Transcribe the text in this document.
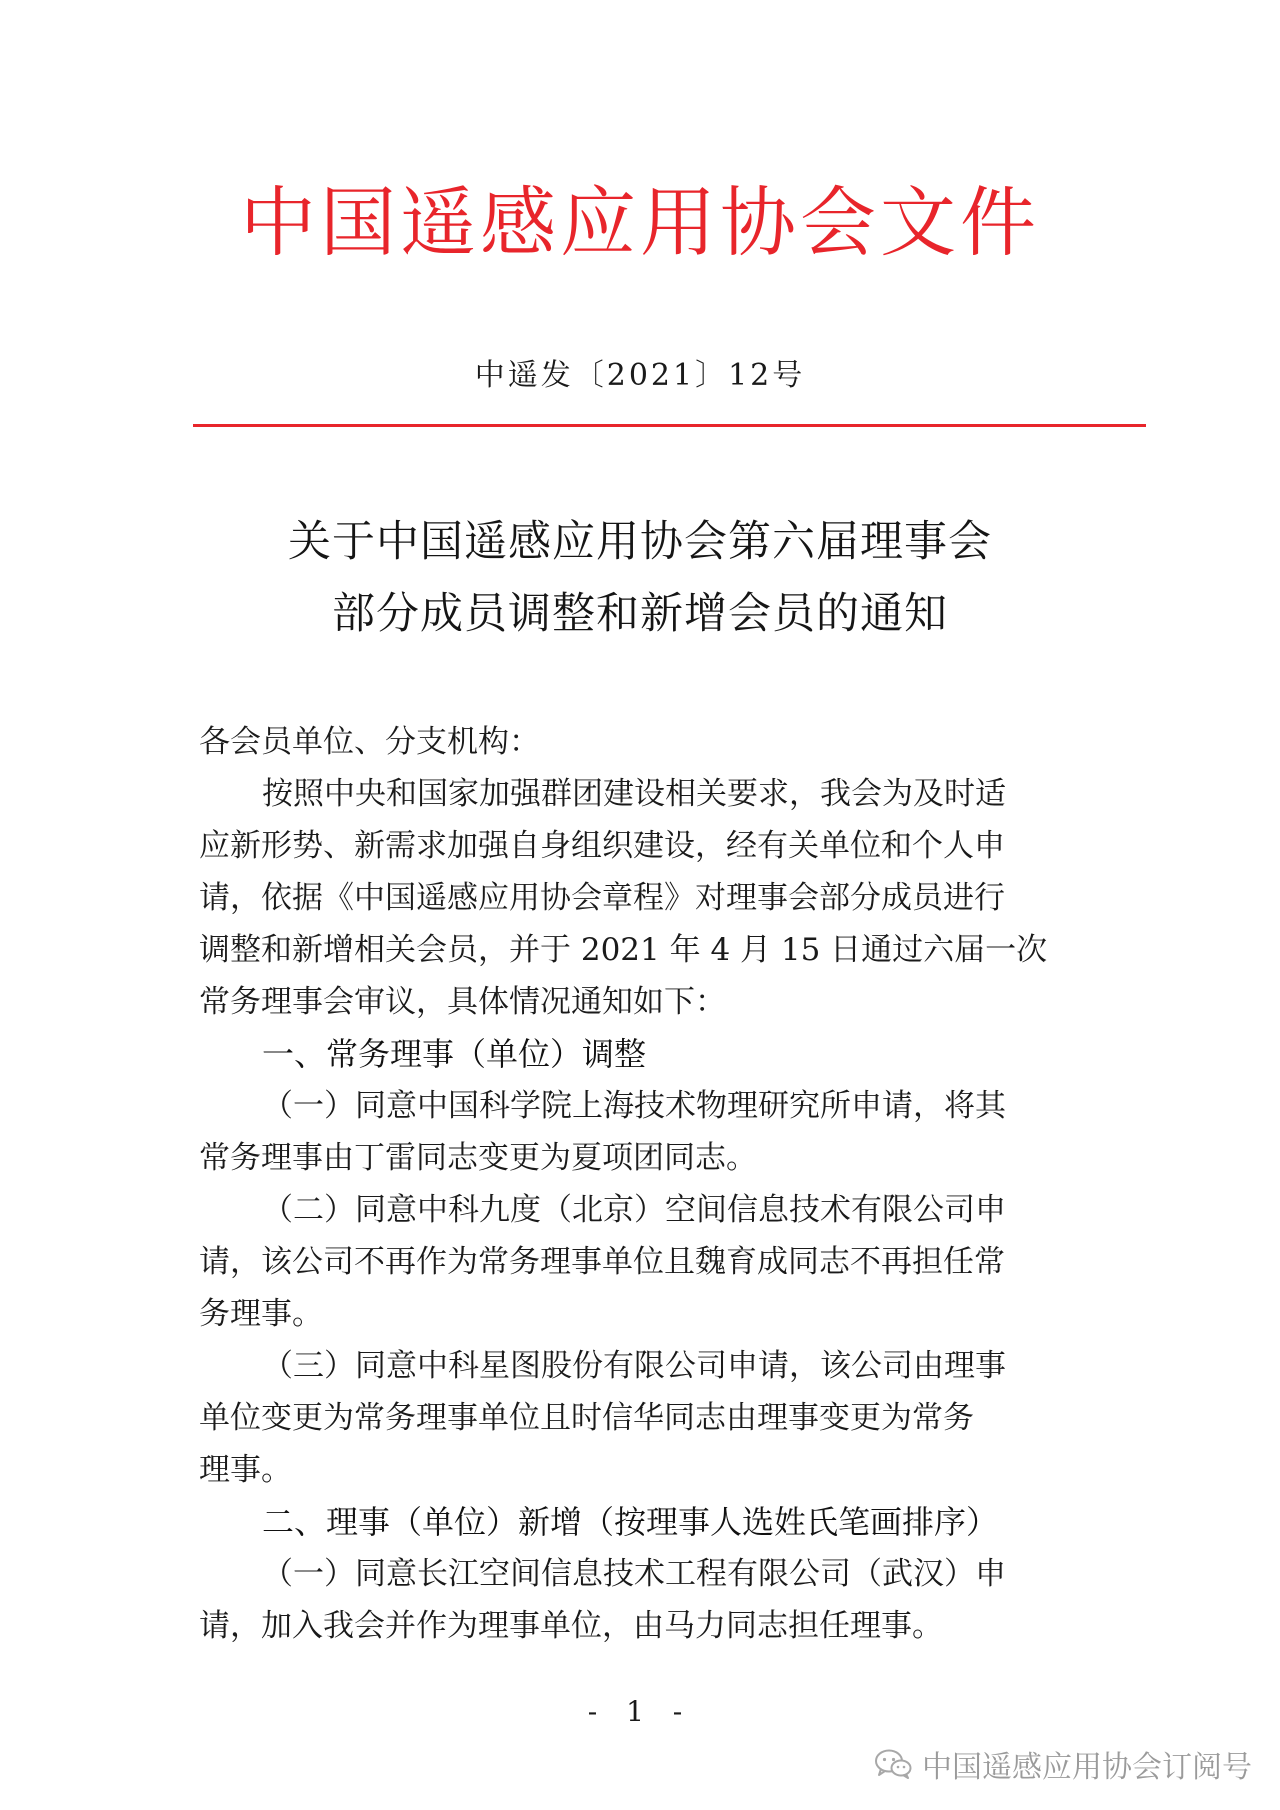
中国遥感应用协会文件
中遥发〔2021〕12号
关于中国遥感应用协会第六届理事会
部分成员调整和新增会员的通知
各会员单位、分支机构：
按照中央和国家加强群团建设相关要求，我会为及时适
应新形势、新需求加强自身组织建设，经有关单位和个人申
请，依据《中国遥感应用协会章程》对理事会部分成员进行
调整和新增相关会员，并于 2021 年 4 月 15 日通过六届一次
常务理事会审议，具体情况通知如下：
一、常务理事（单位）调整
（一）同意中国科学院上海技术物理研究所申请，将其
常务理事由丁雷同志变更为夏项团同志。
（二）同意中科九度（北京）空间信息技术有限公司申
请，该公司不再作为常务理事单位且魏育成同志不再担任常
务理事。
（三）同意中科星图股份有限公司申请，该公司由理事
单位变更为常务理事单位且时信华同志由理事变更为常务
理事。
二、理事（单位）新增（按理事人选姓氏笔画排序）
（一）同意长江空间信息技术工程有限公司（武汉）申
请，加入我会并作为理事单位，由马力同志担任理事。
- 1 -
中国遥感应用协会订阅号
